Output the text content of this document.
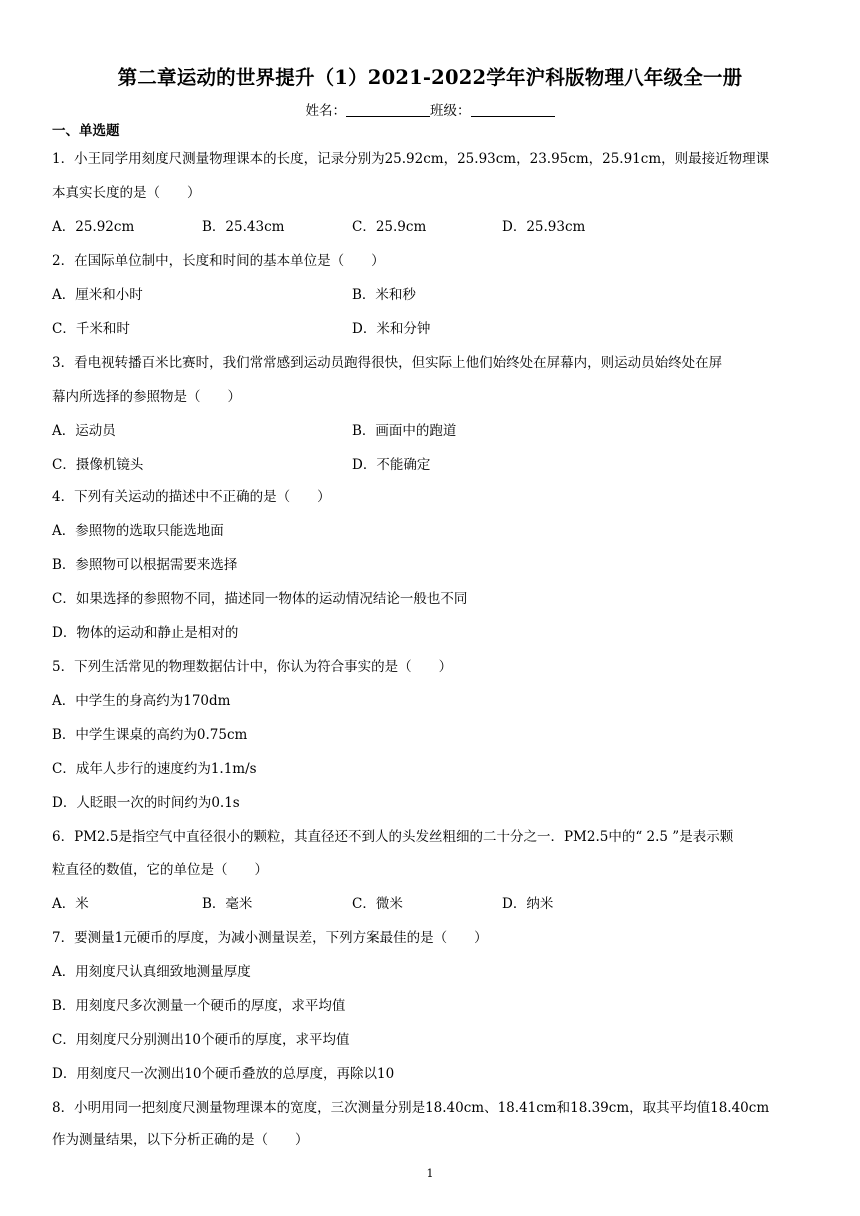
第二章运动的世界提升（1）2021-2022学年沪科版物理八年级全一册
姓名：	班级：
一、单选题
1．小王同学用刻度尺测量物理课本的长度，记录分别为25.92cm，25.93cm，23.95cm，25.91cm，则最接近物理课
本真实长度的是（　　）
A．25.92cm	B．25.43cm	C．25.9cm	D．25.93cm
2．在国际单位制中，长度和时间的基本单位是（　　）
A．厘米和小时	B．米和秒
C．千米和时	D．米和分钟
3．看电视转播百米比赛时，我们常常感到运动员跑得很快，但实际上他们始终处在屏幕内，则运动员始终处在屏
幕内所选择的参照物是（　　）
A．运动员	B．画面中的跑道
C．摄像机镜头	D．不能确定
4．下列有关运动的描述中不正确的是（　　）
A．参照物的选取只能选地面
B．参照物可以根据需要来选择
C．如果选择的参照物不同，描述同一物体的运动情况结论一般也不同
D．物体的运动和静止是相对的
5．下列生活常见的物理数据估计中，你认为符合事实的是（　　）
A．中学生的身高约为170dm
B．中学生课桌的高约为0.75cm
C．成年人步行的速度约为1.1m/s
D．人眨眼一次的时间约为0.1s
6．PM2.5是指空气中直径很小的颗粒，其直径还不到人的头发丝粗细的二十分之一．PM2.5中的“ 2.5 ”是表示颗
粒直径的数值，它的单位是（　　）
A．米	B．毫米	C．微米	D．纳米
7．要测量1元硬币的厚度，为减小测量误差，下列方案最佳的是（　　）
A．用刻度尺认真细致地测量厚度
B．用刻度尺多次测量一个硬币的厚度，求平均值
C．用刻度尺分别测出10个硬币的厚度，求平均值
D．用刻度尺一次测出10个硬币叠放的总厚度，再除以10
8．小明用同一把刻度尺测量物理课本的宽度，三次测量分别是18.40cm、18.41cm和18.39cm，取其平均值18.40cm
作为测量结果，以下分析正确的是（　　）
1
